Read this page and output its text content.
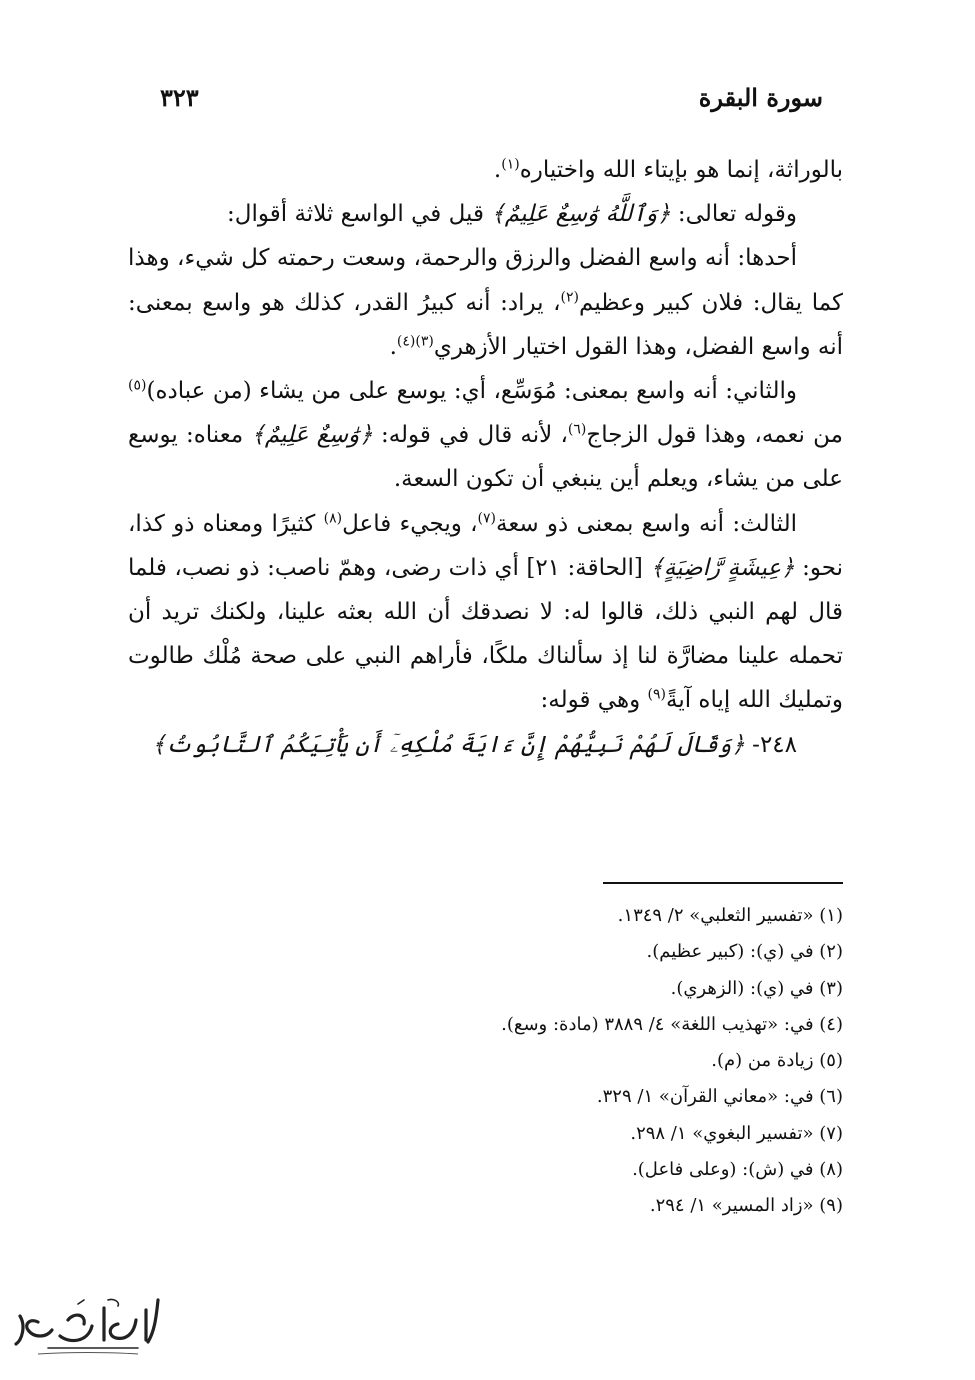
سورة البقرة
٣٢٣

بالوراثة، إنما هو بإيتاء الله واختياره$^{(١)}$.

وقوله تعالى: ﴿وَٱللَّهُ وَٰسِعٌ عَلِيمٌ﴾ قيل في الواسع ثلاثة أقوال:

أحدها: أنه واسع الفضل والرزق والرحمة، وسعت رحمته كل شيء، وهذا كما يقال: فلان كبير وعظيم$^{(٢)}$، يراد: أنه كبيرُ القدر، كذلك هو واسع بمعنى: أنه واسع الفضل، وهذا القول اختيار الأزهري$^{(٣)(٤)}$.

والثاني: أنه واسع بمعنى: مُوَسِّع، أي: يوسع على من يشاء (من عباده)$^{(٥)}$ من نعمه، وهذا قول الزجاج$^{(٦)}$، لأنه قال في قوله: ﴿وَٰسِعٌ عَلِيمٌ﴾ معناه: يوسع على من يشاء، ويعلم أين ينبغي أن تكون السعة.

الثالث: أنه واسع بمعنى ذو سعة$^{(٧)}$، ويجيء فاعل$^{(٨)}$ كثيرًا ومعناه ذو كذا، نحو: ﴿عِيشَةٍ رَّاضِيَةٍ﴾ [الحاقة: ٢١] أي ذات رضى، وهمّ ناصب: ذو نصب، فلما قال لهم النبي ذلك، قالوا له: لا نصدقك أن الله بعثه علينا، ولكنك تريد أن تحمله علينا مضارَّة لنا إذ سألناك ملكًا، فأراهم النبي على صحة مُلْك طالوت وتمليك الله إياه آيةً$^{(٩)}$ وهي قوله:

٢٤٨- ﴿وَقَالَ لَهُمْ نَبِيُّهُمْ إِنَّ ءَايَةَ مُلْكِهِۦٓ أَن يَأْتِيَكُمُ ٱلتَّابُوتُ﴾

(١) «تفسير الثعلبي» ٢/ ١٣٤٩.
(٢) في (ي): (كبير عظيم).
(٣) في (ي): (الزهري).
(٤) في: «تهذيب اللغة» ٤/ ٣٨٨٩ (مادة: وسع).
(٥) زيادة من (م).
(٦) في: «معاني القرآن» ١/ ٣٢٩.
(٧) «تفسير البغوي» ١/ ٢٩٨.
(٨) في (ش): (وعلى فاعل).
(٩) «زاد المسير» ١/ ٢٩٤.
